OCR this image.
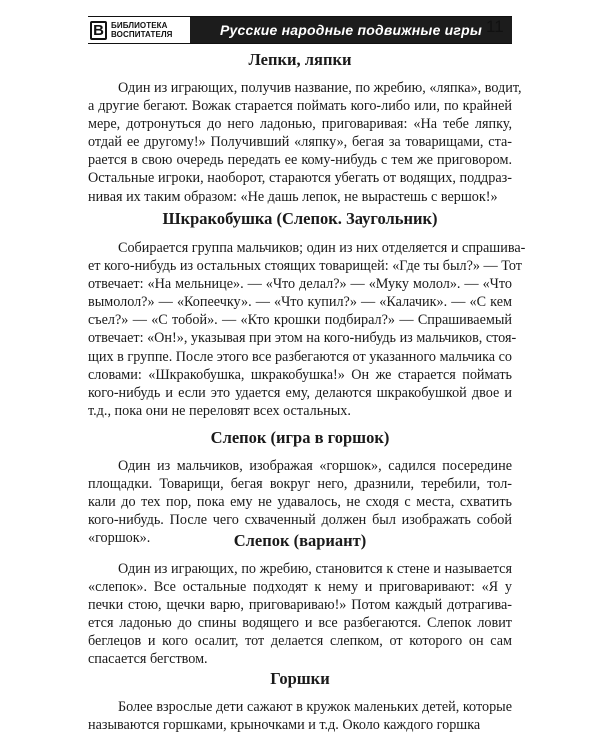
В БИБЛИОТЕКА
ВОСПИТАТЕЛЯ	Русские народные подвижные игры 11
Лепки, ляпки

Один из играющих, получив название, по жребию, «ляпка», водит,
а другие бегают. Вожак старается поймать кого-либо или, по крайней
мере, дотронуться до него ладонью, приговаривая: «На тебе ляпку,
отдай ее другому!» Получивший «ляпку», бегая за товарищами, ста-
рается в свою очередь передать ее кому-нибудь с тем же приговором.
Остальные игроки, наоборот, стараются убегать от водящих, поддраз-
нивая их таким образом: «Не дашь лепок, не вырастешь с вершок!»

Шкракобушка (Слепок. Заугольник)

Собирается группа мальчиков; один из них отделяется и спрашива-
ет кого-нибудь из остальных стоящих товарищей: «Где ты был?» — Тот
отвечает: «На мельнице». — «Что делал?» — «Муку молол». — «Что
вымолол?» — «Копеечку». — «Что купил?» — «Калачик». — «С кем
съел?» — «С тобой». — «Кто крошки подбирал?» — Спрашиваемый
отвечает: «Он!», указывая при этом на кого-нибудь из мальчиков, стоя-
щих в группе. После этого все разбегаются от указанного мальчика со
словами: «Шкракобушка, шкракобушка!» Он же старается поймать
кого-нибудь и если это удается ему, делаются шкракобушкой двое и
т.д., пока они не переловят всех остальных.

Слепок (игра в горшок)

Один из мальчиков, изображая «горшок», садился посередине
площадки. Товарищи, бегая вокруг него, дразнили, теребили, тол-
кали до тех пор, пока ему не удавалось, не сходя с места, схватить
кого-нибудь. После чего схваченный должен был изображать собой
«горшок».	Слепок (вариант)

Один из играющих, по жребию, становится к стене и называется
«слепок». Все остальные подходят к нему и приговаривают: «Я у
печки стою, щечки варю, приговариваю!» Потом каждый дотрагива-
ется ладонью до спины водящего и все разбегаются. Слепок ловит
беглецов и кого осалит, тот делается слепком, от которого он сам
спасается бегством.

Горшки

Более взрослые дети сажают в кружок маленьких детей, которые
называются горшками, крыночками и т.д. Около каждого горшка
